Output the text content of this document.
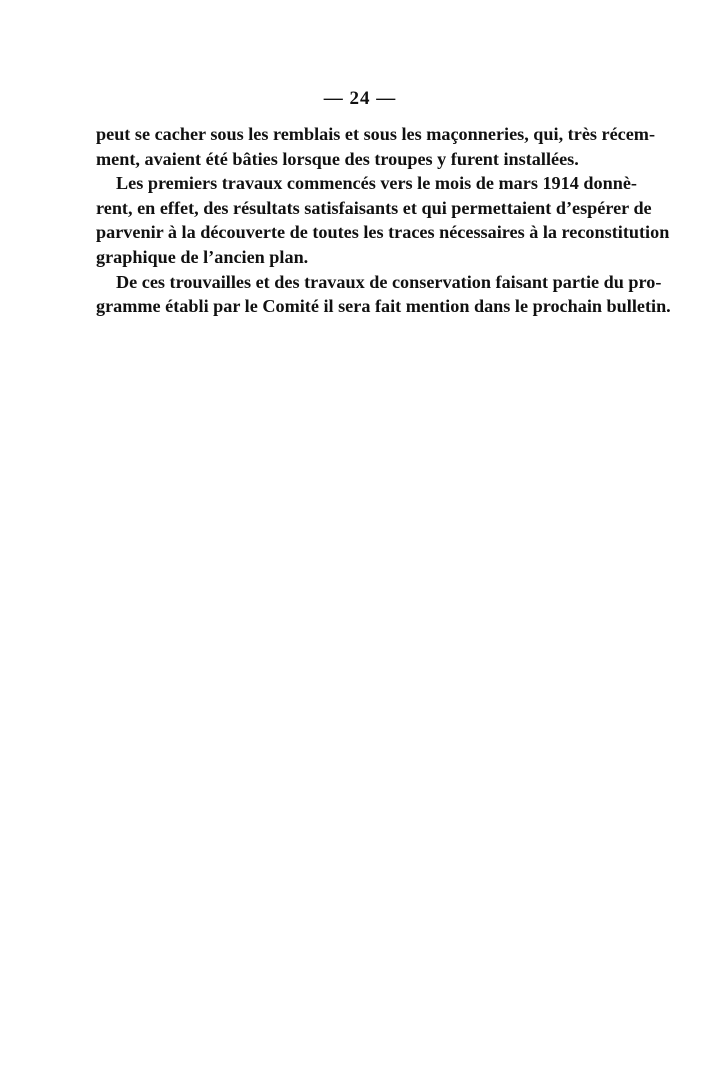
— 24 —
peut se cacher sous les remblais et sous les maçonneries, qui, très récem-
ment, avaient été bâties lorsque des troupes y furent installées.
Les premiers travaux commencés vers le mois de mars 1914 donnè-
rent, en effet, des résultats satisfaisants et qui permettaient d’espérer de
parvenir à la découverte de toutes les traces nécessaires à la reconstitution
graphique de l’ancien plan.
De ces trouvailles et des travaux de conservation faisant partie du pro-
gramme établi par le Comité il sera fait mention dans le prochain bulletin.
